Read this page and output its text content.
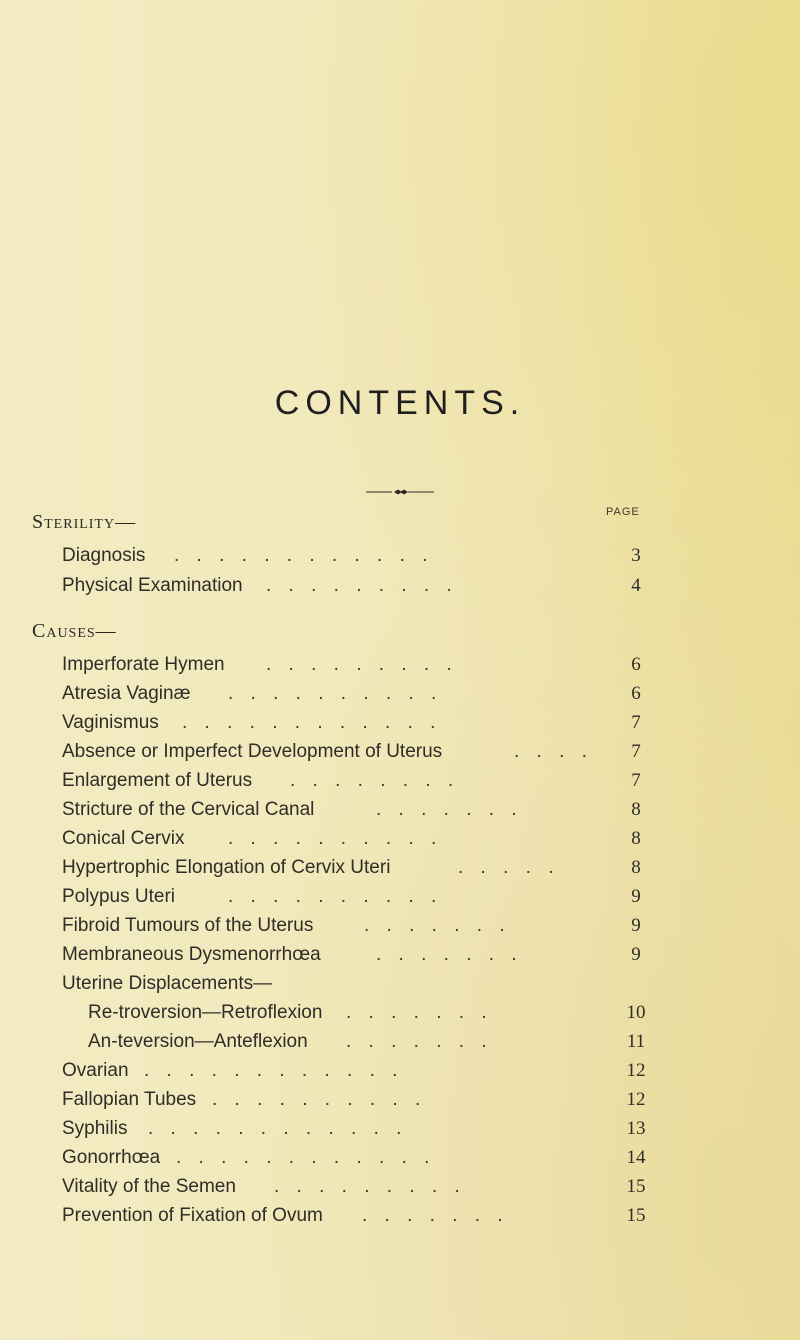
CONTENTS.
PAGE
Sterility—
Diagnosis . . . . . . . . . . . .	3
Physical Examination . . . . . . . . .	4
Causes—
Imperforate Hymen . . . . . . . . .	6
Atresia Vaginæ . . . . . . . . . .	6
Vaginismus . . . . . . . . . . . .	7
Absence or Imperfect Development of Uterus	. . . .	7
Enlargement of Uterus . . . . . . . .	7
Stricture of the Cervical Canal	. . . . . . .	8
Conical Cervix . . . . . . . . . .	8
Hypertrophic Elongation of Cervix Uteri	. . . . .	8
Polypus Uteri	. . . . . . . . . .	9
Fibroid Tumours of the Uterus	. . . . . . .	9
Membraneous Dysmenorrhœa	. . . . . . .	9
Uterine Displacements—
Re-troversion—Retroflexion . . . . . . .	10
An-teversion—Anteflexion . . . . . . .	11
Ovarian . . . . . . . . . . . .	12
Fallopian Tubes . . . . . . . . . .	12
Syphilis . . . . . . . . . . . .	13
Gonorrhœa . . . . . . . . . . . .	14
Vitality of the Semen . . . . . . . . .	15
Prevention of Fixation of Ovum . . . . . . .	15
